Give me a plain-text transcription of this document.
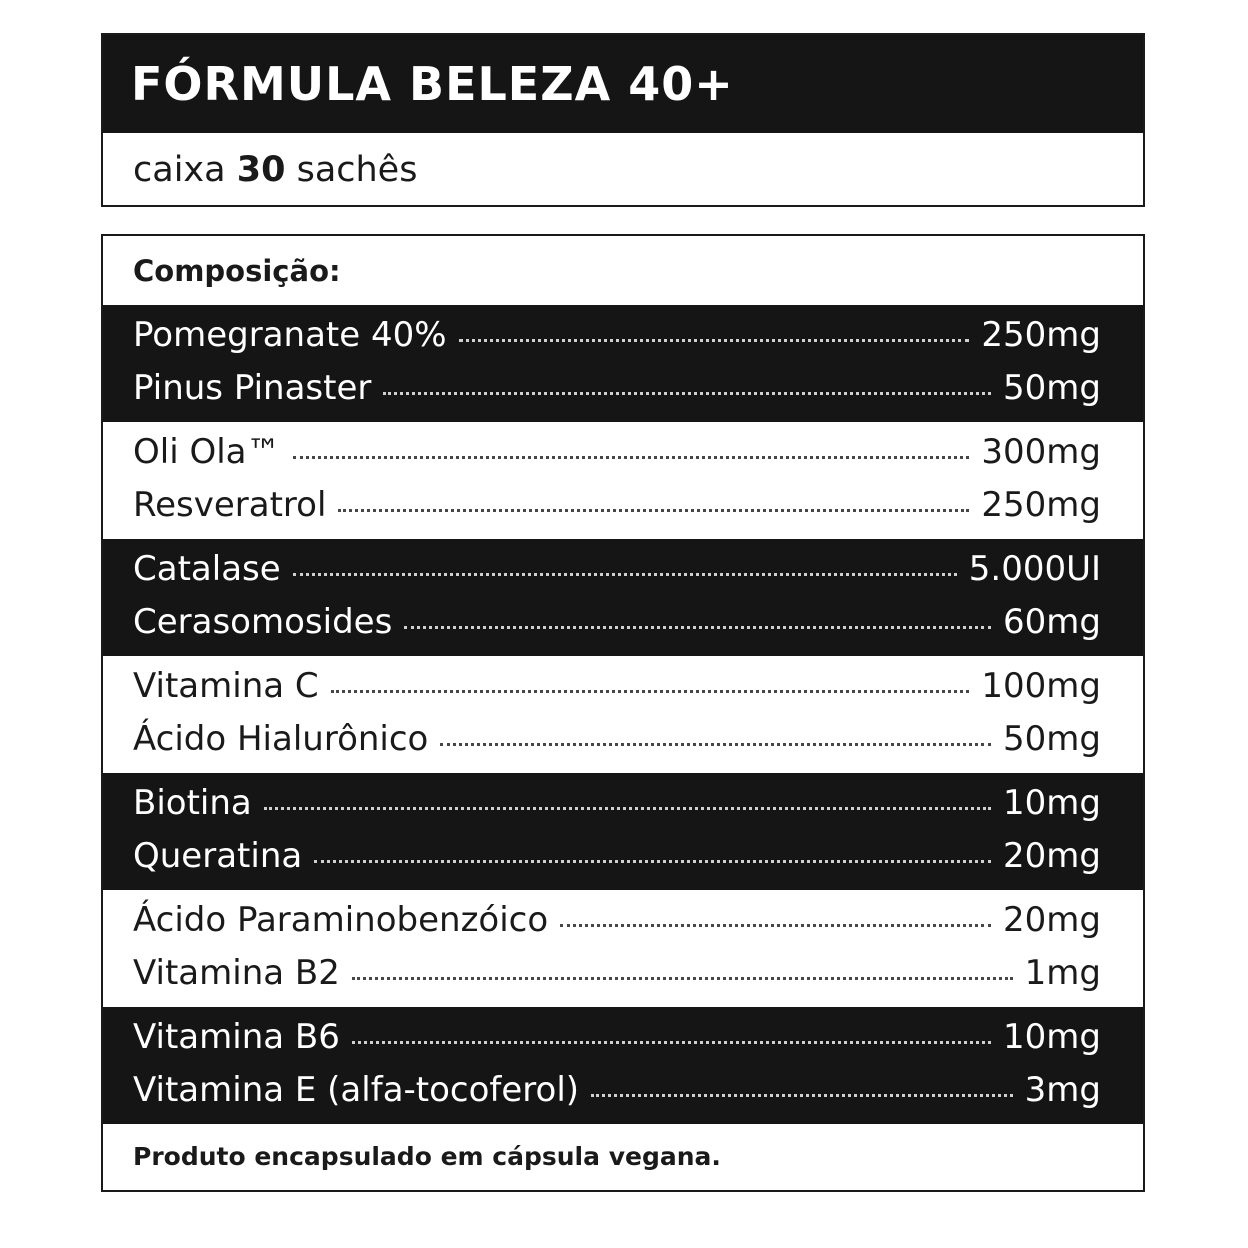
FÓRMULA BELEZA 40+
caixa
30
sachês
Composição:
Pomegranate 40%	250mg
Pinus Pinaster	50mg
Oli Ola™	300mg
Resveratrol	250mg
Catalase	5.000UI
Cerasomosides	60mg
Vitamina C	100mg
Ácido Hialurônico	50mg
Biotina	10mg
Queratina	20mg
Ácido Paraminobenzóico	20mg
Vitamina B2	1mg
Vitamina B6	10mg
Vitamina E (alfa-tocoferol)	3mg
Produto encapsulado em cápsula vegana.
